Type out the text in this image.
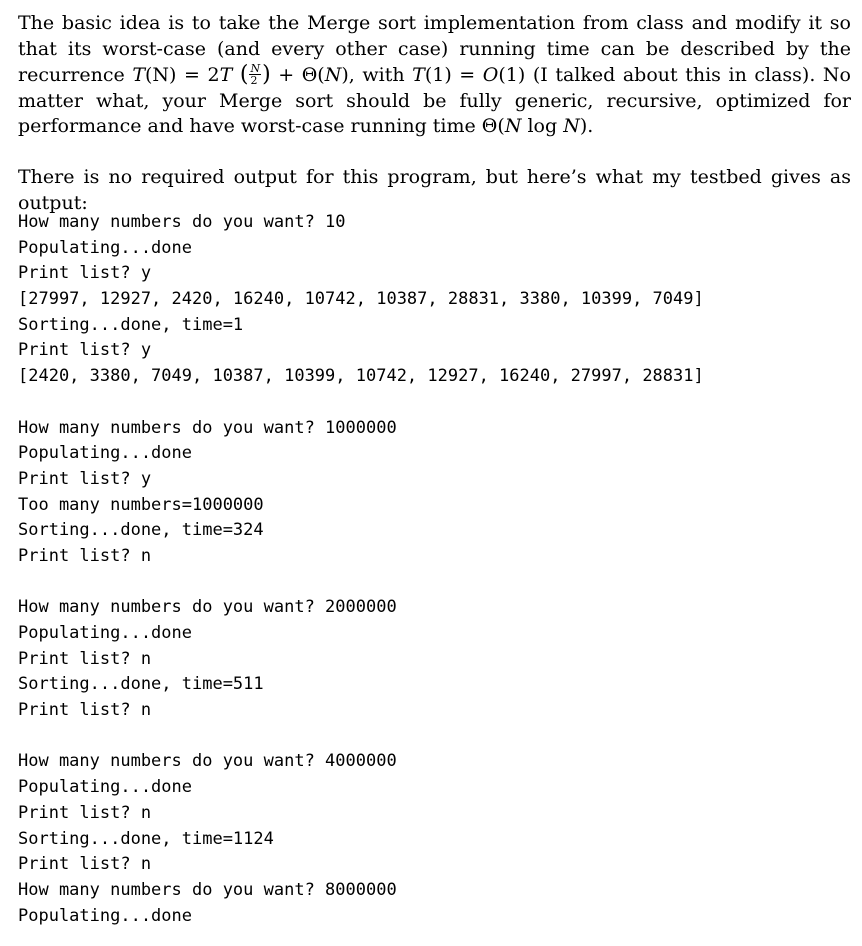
The basic idea is to take the Merge sort implementation from class and modify it so that its worst-case (and every other case) running time can be described by the recurrence T(N) = 2T ( $\frac{N}{2}$ ) + Θ(N), with T(1) = O(1) (I talked about this in class). No matter what, your Merge sort should be fully generic, recursive, optimized for performance and have worst-case running time Θ(N log N).

There is no required output for this program, but here’s what my testbed gives as output:

How many numbers do you want? 10
Populating...done
Print list? y
[27997, 12927, 2420, 16240, 10742, 10387, 28831, 3380, 10399, 7049]
Sorting...done, time=1
Print list? y
[2420, 3380, 7049, 10387, 10399, 10742, 12927, 16240, 27997, 28831]
How many numbers do you want? 1000000
Populating...done
Print list? y
Too many numbers=1000000
Sorting...done, time=324
Print list? n
How many numbers do you want? 2000000
Populating...done
Print list? n
Sorting...done, time=511
Print list? n
How many numbers do you want? 4000000
Populating...done
Print list? n
Sorting...done, time=1124
Print list? n
How many numbers do you want? 8000000
Populating...done
